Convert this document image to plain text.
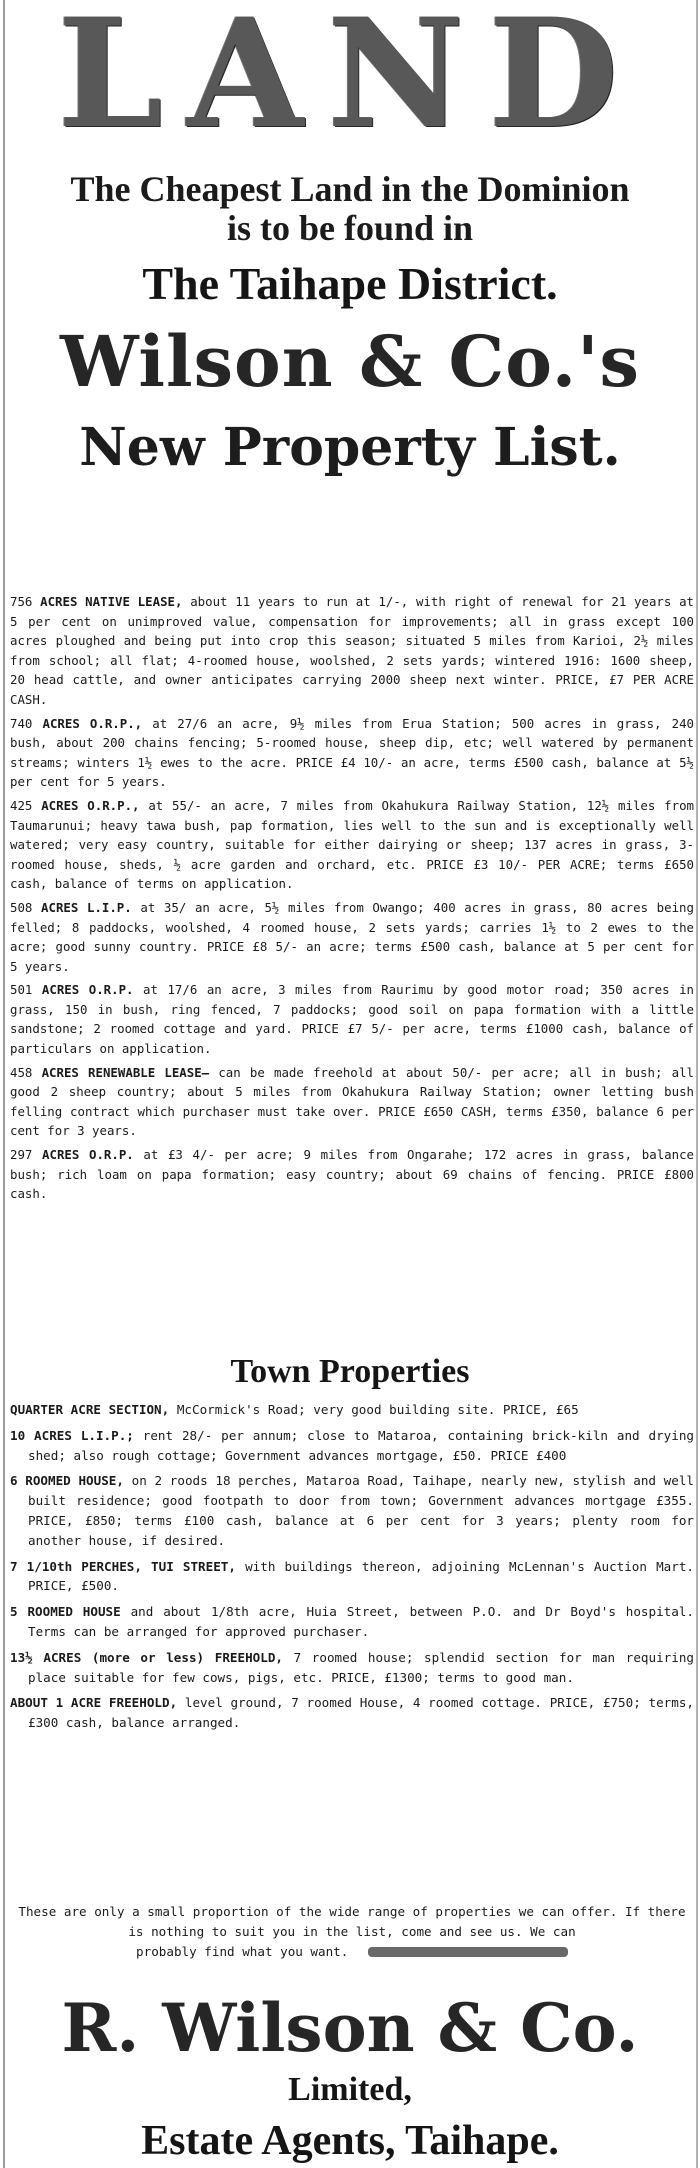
LAND
The Cheapest Land in the Dominion
is to be found in
The Taihape District.
Wilson & Co.'s
New Property List.

756 ACRES NATIVE LEASE, about 11 years to run at 1/-, with right of renewal for 21 years at 5 per cent on unimproved value, compensation for improvements; all in grass except 100 acres ploughed and being put into crop this season; situated 5 miles from Karioi, 2½ miles from school; all flat; 4-roomed house, woolshed, 2 sets yards; wintered 1916: 1600 sheep, 20 head cattle, and owner anticipates carrying 2000 sheep next winter. PRICE, £7 PER ACRE CASH.

740 ACRES O.R.P., at 27/6 an acre, 9½ miles from Erua Station; 500 acres in grass, 240 bush, about 200 chains fencing; 5-roomed house, sheep dip, etc; well watered by permanent streams; winters 1½ ewes to the acre. PRICE £4 10/- an acre, terms £500 cash, balance at 5½ per cent for 5 years.

425 ACRES O.R.P., at 55/- an acre, 7 miles from Okahukura Railway Station, 12½ miles from Taumarunui; heavy tawa bush, pap formation, lies well to the sun and is exceptionally well watered; very easy country, suitable for either dairying or sheep; 137 acres in grass, 3- roomed house, sheds, ½ acre garden and orchard, etc. PRICE £3 10/- PER ACRE; terms £650 cash, balance of terms on application.

508 ACRES L.I.P. at 35/ an acre, 5½ miles from Owango; 400 acres in grass, 80 acres being felled; 8 paddocks, woolshed, 4 roomed house, 2 sets yards; carries 1½ to 2 ewes to the acre; good sunny country. PRICE £8 5/- an acre; terms £500 cash, balance at 5 per cent for 5 years.

501 ACRES O.R.P. at 17/6 an acre, 3 miles from Raurimu by good motor road; 350 acres in grass, 150 in bush, ring fenced, 7 paddocks; good soil on papa formation with a little sandstone; 2 roomed cottage and yard. PRICE £7 5/- per acre, terms £1000 cash, balance of particulars on application.

458 ACRES RENEWABLE LEASE— can be made freehold at about 50/- per acre; all in bush; all good 2 sheep country; about 5 miles from Okahukura Railway Station; owner letting bush felling contract which purchaser must take over. PRICE £650 CASH, terms £350, balance 6 per cent for 3 years.

297 ACRES O.R.P. at £3 4/- per acre; 9 miles from Ongarahe; 172 acres in grass, balance bush; rich loam on papa formation; easy country; about 69 chains of fencing. PRICE £800 cash.

Town Properties

QUARTER ACRE SECTION, McCormick's Road; very good building site. PRICE, £65

10 ACRES L.I.P.; rent 28/- per annum; close to Mataroa, containing brick-kiln and drying shed; also rough cottage; Government advances mortgage, £50. PRICE £400

6 ROOMED HOUSE, on 2 roods 18 perches, Mataroa Road, Taihape, nearly new, stylish and well built residence; good footpath to door from town; Government advances mortgage £355. PRICE, £850; terms £100 cash, balance at 6 per cent for 3 years; plenty room for another house, if desired.

7 1/10th PERCHES, TUI STREET, with buildings thereon, adjoining McLennan's Auction Mart. PRICE, £500.

5 ROOMED HOUSE and about 1/8th acre, Huia Street, between P.O. and Dr Boyd's hospital. Terms can be arranged for approved purchaser.

13½ ACRES (more or less) FREEHOLD, 7 roomed house; splendid section for man requiring place suitable for few cows, pigs, etc. PRICE, £1300; terms to good man.

ABOUT 1 ACRE FREEHOLD, level ground, 7 roomed House, 4 roomed cottage. PRICE, £750; terms, £300 cash, balance arranged.

These are only a small proportion of the wide range of properties we can offer. If there is nothing to suit you in the list, come and see us. We can
probably find what you want.
R. Wilson & Co.
Limited,
Estate Agents, Taihape.
